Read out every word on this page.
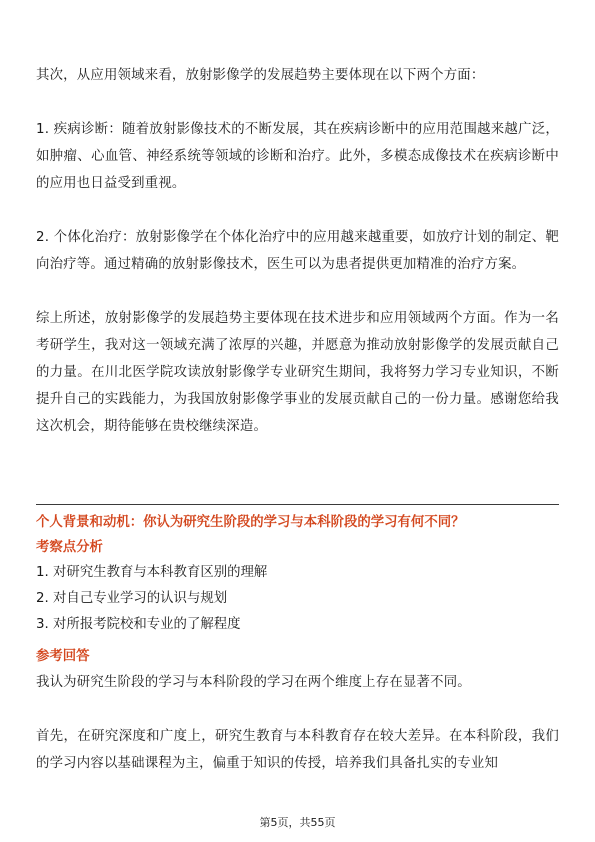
其次，从应用领域来看，放射影像学的发展趋势主要体现在以下两个方面：

1. 疾病诊断：随着放射影像技术的不断发展，其在疾病诊断中的应用范围越来越广泛，如肿瘤、心血管、神经系统等领域的诊断和治疗。此外，多模态成像技术在疾病诊断中的应用也日益受到重视。

2. 个体化治疗：放射影像学在个体化治疗中的应用越来越重要，如放疗计划的制定、靶向治疗等。通过精确的放射影像技术，医生可以为患者提供更加精准的治疗方案。

综上所述，放射影像学的发展趋势主要体现在技术进步和应用领域两个方面。作为一名考研学生，我对这一领域充满了浓厚的兴趣，并愿意为推动放射影像学的发展贡献自己的力量。在川北医学院攻读放射影像学专业研究生期间，我将努力学习专业知识，不断提升自己的实践能力，为我国放射影像学事业的发展贡献自己的一份力量。感谢您给我这次机会，期待能够在贵校继续深造。

个人背景和动机：你认为研究生阶段的学习与本科阶段的学习有何不同？

考察点分析

1. 对研究生教育与本科教育区别的理解

2. 对自己专业学习的认识与规划

3. 对所报考院校和专业的了解程度

参考回答

我认为研究生阶段的学习与本科阶段的学习在两个维度上存在显著不同。

首先，在研究深度和广度上，研究生教育与本科教育存在较大差异。在本科阶段，我们的学习内容以基础课程为主，偏重于知识的传授，培养我们具备扎实的专业知

第5页，共55页
